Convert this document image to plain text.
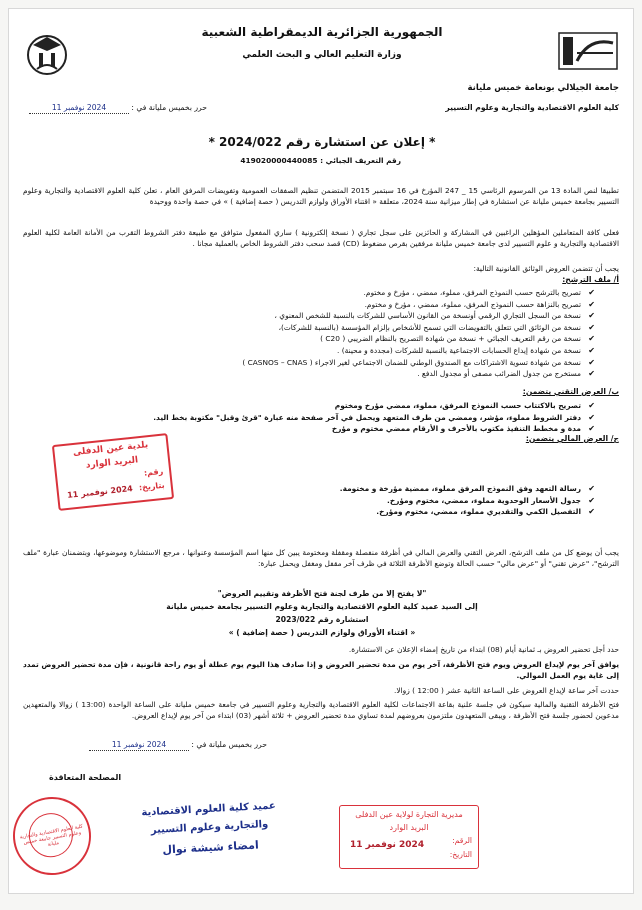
الجمهورية الجزائرية الديمقراطية الشعبية
وزارة التعليم العالي و البحث العلمي
جامعة الجيلالي بونعامة خميس مليانة
كلية العلوم الاقتصادية والتجارية وعلوم التسيير
حرر بخميس مليانة في : 2024 نوفمبر 11
* إعلان عن استشارة رقم 2024/022 *
رقم التعريف الجبائي : 419020000440085
تطبيقا لنص المادة 13 من المرسوم الرئاسي 15 _ 247 المؤرخ في 16 سبتمبر 2015 المتضمن تنظيم الصفقات العمومية وتفويضات المرفق العام ، تعلن كلية العلوم الاقتصادية والتجارية وعلوم التسيير بجامعة خميس مليانة عن استشارة في إطار ميزانية سنة 2024، متعلقة « اقتناء الأوراق ولوازم التدريس ( حصة إضافية ) » في حصة واحدة ووحيدة
فعلى كافة المتعاملين المؤهلين الراغبين في المشاركة و الحائزين على سجل تجاري ( نسخة إلكترونية ) ساري المفعول متوافق مع طبيعة دفتر الشروط التقرب من الأمانة العامة لكلية العلوم الاقتصادية والتجارية و علوم التسيير لدى جامعة خميس مليانة مرفقين بقرص مضغوط (CD) قصد سحب دفتر الشروط الخاص بالعملية مجانا .
يجب أن تتضمن العروض الوثائق القانونية التالية:
أ/ ملف الترشح:
✔ تصريح بالترشح حسب النموذج المرفق، مملوء، ممضي ، مؤرخ و مختوم.
✔ تصريح بالنزاهة حسب النموذج المرفق، مملوء، ممضي ، مؤرخ و مختوم.
✔ نسخة من السجل التجاري الرقمي أونسخة من القانون الأساسي للشركات بالنسبة للشخص المعنوي ،
✔ نسخة من الوثائق التي تتعلق بالتفويضات التي تسمح للأشخاص بإلزام المؤسسة (بالنسبة للشركات)،
✔ نسخة من رقم التعريف الجبائي + نسخة من شهادة التصريح بالنظام الضريبي ( C20 )
✔ نسخة من شهادة إيداع الحسابات الاجتماعية بالنسبة للشركات (مجددة و محينة) .
✔ نسخة من شهادة تسوية الاشتراكات مع الصندوق الوطني للضمان الاجتماعي لغير الاجراء ( CASNOS – CNAS )
✔ مستخرج من جدول الضرائب مصفى أو مجدول الدفع .
ب/ العرض التقني يتضمن:
✔ تصريح بالاكتتاب حسب النموذج المرفق، مملوء، ممضي مؤرخ ومختوم
✔ دفتر الشروط مملوء، مؤشر، وممضي من طرف المتعهد ويحمل في آخر صفحة منه عبارة "قرئ وقبل" مكتوبة بخط اليد.
✔ مدة و مخطط التنفيذ مكتوب بالأحرف و الأرقام ممضي مختوم و مؤرخ
ج/ العرض المالي يتضمن:
✔ رسالة التعهد وفق النموذج المرفق مملوء، ممضية مؤرخة و مختومة.
✔ جدول الأسعار الوحدوية مملوء، ممضي، مختوم ومؤرخ.
✔ التفصيل الكمي والتقديري مملوء، ممضي، مختوم ومؤرخ.
يجب أن يوضع كل من ملف الترشح، العرض التقني والعرض المالي في أظرفة منفصلة ومقفلة ومختومة يبين كل منها اسم المؤسسة وعنوانها ، مرجع الاستشارة وموضوعها، وبتضمنان عبارة "ملف الترشح"، "عرض تقني" أو "عرض مالي" حسب الحالة وتوضع الأظرفة الثلاثة في ظرف آخر مقفل ومغفل ويحمل عبارة:
"لا يفتح إلا من طرف لجنة فتح الأظرفة وتقييم العروض"
إلى السيد عميد كلية العلوم الاقتصادية والتجارية وعلوم التسيير بجامعة خميس مليانة
استشارة رقم 2023/022
« اقتناء الأوراق ولوازم التدريس ( حصة إضافية ) »
حدد أجل تحضير العروض بـ ثمانية أيام (08) ابتداء من تاريخ إمضاء الإعلان عن الاستشارة.
يوافق آخر يوم لإيداع العروض ويوم فتح الأظرفة، آخر يوم من مدة تحضير العروض و إذا صادف هذا اليوم يوم عطلة أو يوم راحة قانونية ، فإن مدة تحضير العروض تمدد إلى غاية يوم العمل الموالي.
حددت آخر ساعة لإيداع العروض على الساعة الثانية عشر ( 12:00 ) زوالا.
فتح الأظرفة التقنية والمالية سيكون في جلسة علنية بقاعة الاجتماعات لكلية العلوم الاقتصادية والتجارية وعلوم التسيير في جامعة خميس مليانة على الساعة الواحدة (13:00 ) زوالا والمتعهدين مدعوين لحضور جلسة فتح الأظرفة ، ويبقى المتعهدون ملتزمون بعروضهم لمدة تساوي مدة تحضير العروض + ثلاثة أشهر (03) ابتداء من آخر يوم لإيداع العروض.
حرر بخميس مليانة في : 2024 نوفمبر 11
المصلحة المتعاقدة
بلدية عين الدفلى
البريد الوارد
رقم:
بتاريخ:
2024 نوفمبر 11
مديرية التجارة لولاية عين الدفلى
البريد الوارد
الرقم:
التاريخ:
2024 نوفمبر 11
كلية العلوم الاقتصادية والتجارية وعلوم التسيير جامعة خميس مليانة
عميد كلية العلوم الاقتصادية
والتجارية وعلوم التسيير
امضاء شيشة نوال
